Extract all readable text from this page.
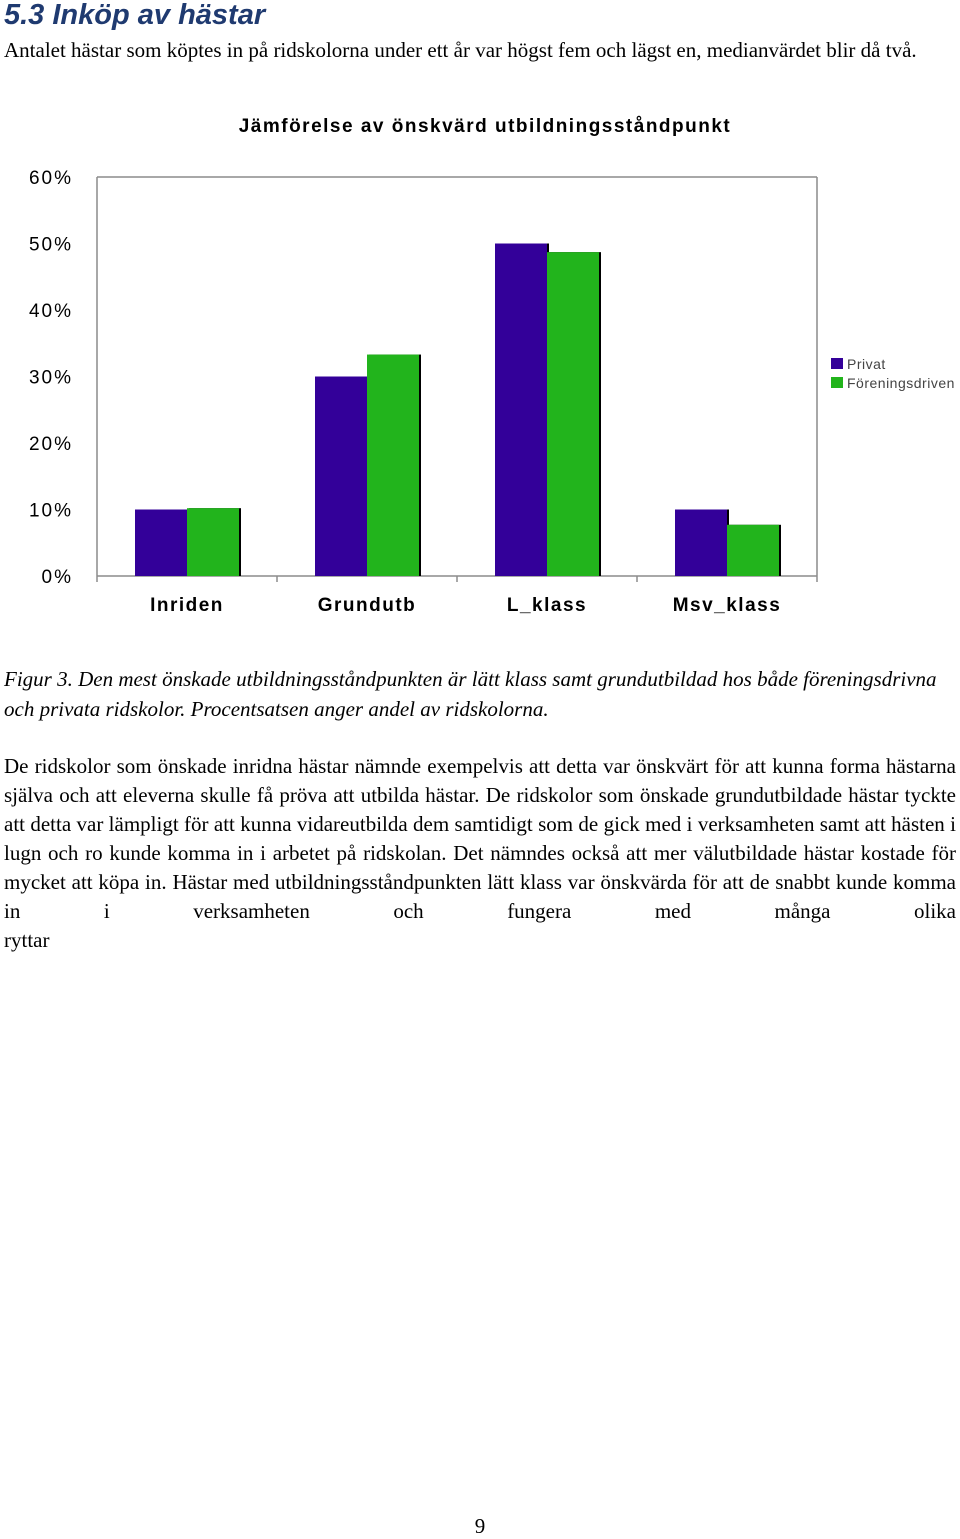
5.3 Inköp av hästar

Antalet hästar som köptes in på ridskolorna under ett år var högst fem och lägst en, medianvärdet blir då två.

Jämförelse av önskvärd utbildningsståndpunkt
0%
10%
20%
30%
40%
50%
60%
Inriden	Grundutb	L_klass	Msv_klass
Privat
Föreningsdriven

Figur 3. Den mest önskade utbildningsståndpunkten är lätt klass samt grundutbildad hos både föreningsdrivna och privata ridskolor. Procentsatsen anger andel av ridskolorna.

De ridskolor som önskade inridna hästar nämnde exempelvis att detta var önskvärt för att kunna forma hästarna själva och att eleverna skulle få pröva att utbilda hästar. De ridskolor som önskade grundutbildade hästar tyckte att detta var lämpligt för att kunna vidareutbilda dem samtidigt som de gick med i verksamheten samt att hästen i lugn och ro kunde komma in i arbetet på ridskolan. Det nämndes också att mer välutbildade hästar kostade för mycket att köpa in. Hästar med utbildningsståndpunkten lätt klass var önskvärda för att de snabbt kunde komma in i verksamheten och fungera med många olika
ryttar

9
